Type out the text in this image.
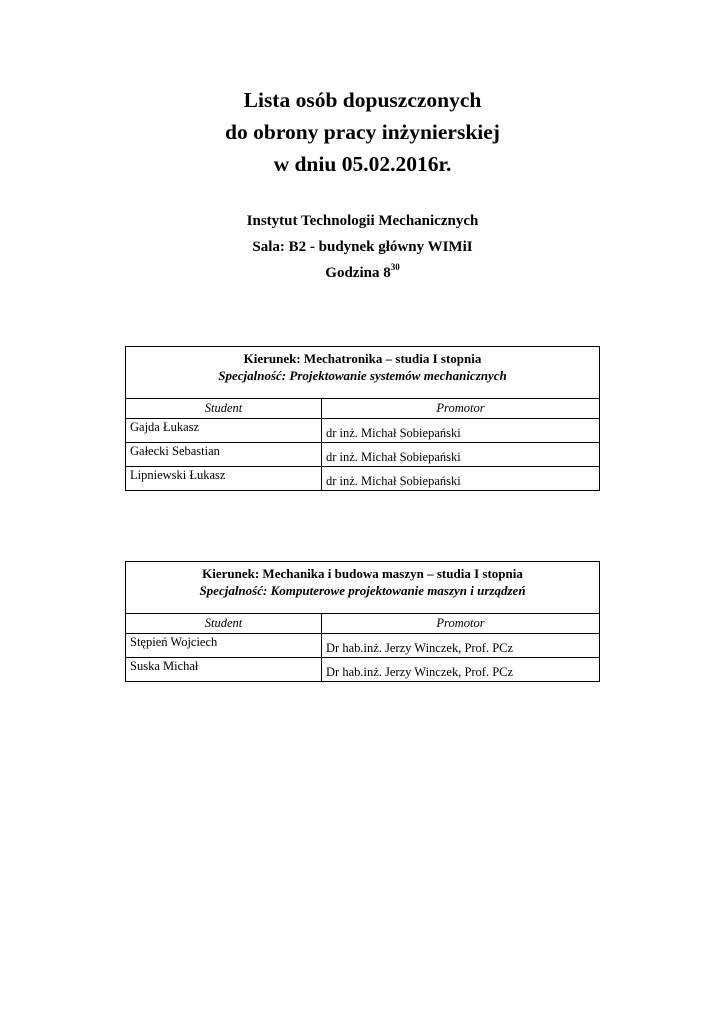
Lista osób dopuszczonych
do obrony pracy inżynierskiej
w dniu 05.02.2016r.
Instytut Technologii Mechanicznych
Sala: B2 - budynek główny WIMiI
Godzina $8^{30}$
Kierunek: Mechatronika – studia I stopnia
Specjalność: Projektowanie systemów mechanicznych	

Student	Promotor
Gajda Łukasz	dr inż. Michał Sobiepański
Gałecki Sebastian	dr inż. Michał Sobiepański
Lipniewski Łukasz	dr inż. Michał Sobiepański
Kierunek: Mechanika i budowa maszyn – studia I stopnia
Specjalność: Komputerowe projektowanie maszyn i urządzeń	

Student	Promotor
Stępień Wojciech	Dr hab.inż. Jerzy Winczek, Prof. PCz
Suska Michał	Dr hab.inż. Jerzy Winczek, Prof. PCz
